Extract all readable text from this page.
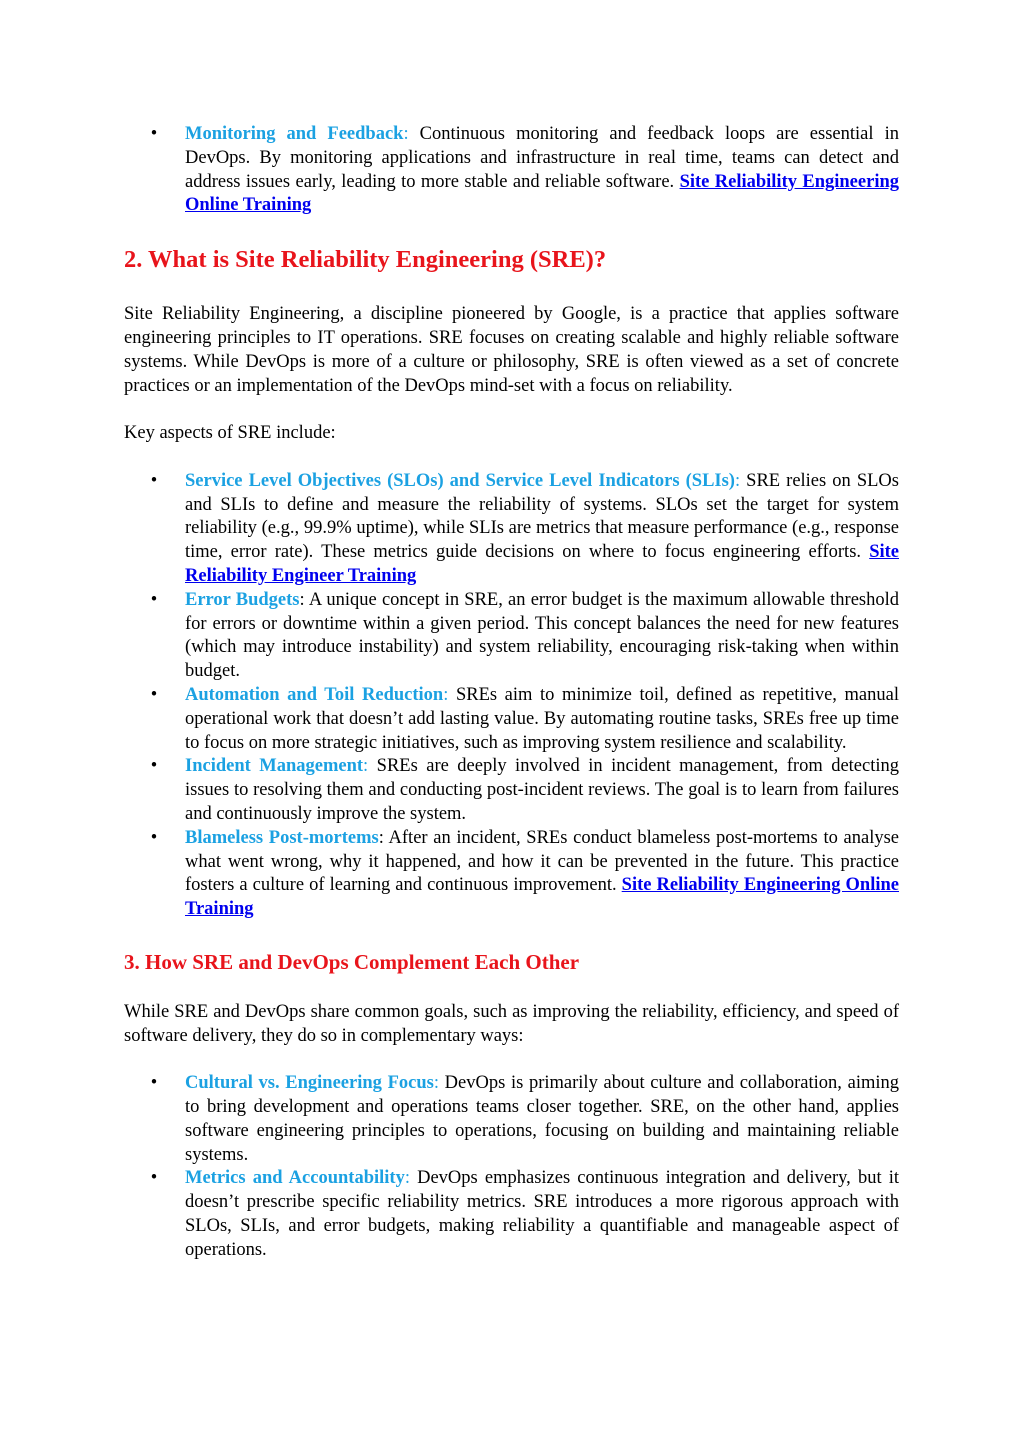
• Monitoring and Feedback: Continuous monitoring and feedback loops are essential in DevOps. By monitoring applications and infrastructure in real time, teams can detect and address issues early, leading to more stable and reliable software. Site Reliability Engineering Online Training
2. What is Site Reliability Engineering (SRE)?

Site Reliability Engineering, a discipline pioneered by Google, is a practice that applies software engineering principles to IT operations. SRE focuses on creating scalable and highly reliable software systems. While DevOps is more of a culture or philosophy, SRE is often viewed as a set of concrete practices or an implementation of the DevOps mind-set with a focus on reliability.

Key aspects of SRE include:

• Service Level Objectives (SLOs) and Service Level Indicators (SLIs): SRE relies on SLOs and SLIs to define and measure the reliability of systems. SLOs set the target for system reliability (e.g., 99.9% uptime), while SLIs are metrics that measure performance (e.g., response time, error rate). These metrics guide decisions on where to focus engineering efforts. Site Reliability Engineer Training
• Error Budgets: A unique concept in SRE, an error budget is the maximum allowable threshold for errors or downtime within a given period. This concept balances the need for new features (which may introduce instability) and system reliability, encouraging risk-taking when within budget.
• Automation and Toil Reduction: SREs aim to minimize toil, defined as repetitive, manual operational work that doesn’t add lasting value. By automating routine tasks, SREs free up time to focus on more strategic initiatives, such as improving system resilience and scalability.
• Incident Management: SREs are deeply involved in incident management, from detecting issues to resolving them and conducting post-incident reviews. The goal is to learn from failures and continuously improve the system.
• Blameless Post-mortems: After an incident, SREs conduct blameless post-mortems to analyse what went wrong, why it happened, and how it can be prevented in the future. This practice fosters a culture of learning and continuous improvement. Site Reliability Engineering Online Training
3. How SRE and DevOps Complement Each Other

While SRE and DevOps share common goals, such as improving the reliability, efficiency, and speed of software delivery, they do so in complementary ways:

• Cultural vs. Engineering Focus: DevOps is primarily about culture and collaboration, aiming to bring development and operations teams closer together. SRE, on the other hand, applies software engineering principles to operations, focusing on building and maintaining reliable systems.
• Metrics and Accountability: DevOps emphasizes continuous integration and delivery, but it doesn’t prescribe specific reliability metrics. SRE introduces a more rigorous approach with SLOs, SLIs, and error budgets, making reliability a quantifiable and manageable aspect of operations.
